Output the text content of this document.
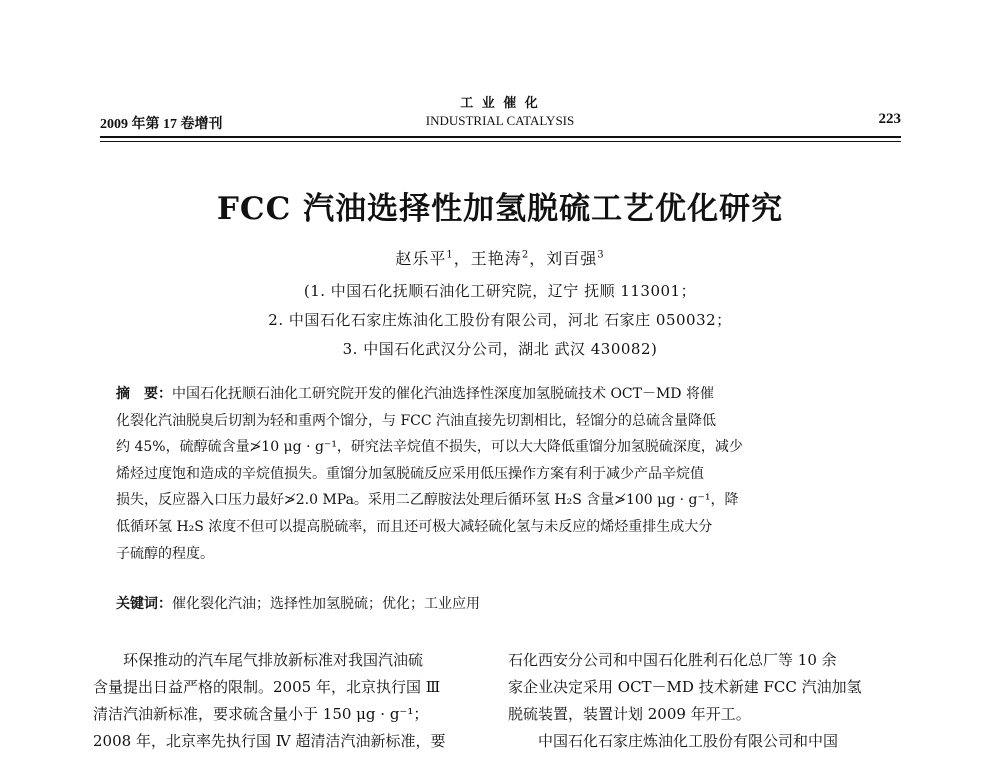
2009 年第 17 卷增刊
工 业 催 化
INDUSTRIAL CATALYSIS	223
FCC 汽油选择性加氢脱硫工艺优化研究
赵乐平$^1$，王艳涛$^2$，刘百强$^3$
(1. 中国石化抚顺石油化工研究院，辽宁 抚顺 113001；
2. 中国石化石家庄炼油化工股份有限公司，河北 石家庄 050032；
3. 中国石化武汉分公司，湖北 武汉 430082)
摘　要：中国石化抚顺石油化工研究院开发的催化汽油选择性深度加氢脱硫技术 OCT－MD 将催
化裂化汽油脱臭后切割为轻和重两个馏分，与 FCC 汽油直接先切割相比，轻馏分的总硫含量降低
约 45%，硫醇硫含量≯10 μg · g⁻¹，研究法辛烷值不损失，可以大大降低重馏分加氢脱硫深度，减少
烯烃过度饱和造成的辛烷值损失。重馏分加氢脱硫反应采用低压操作方案有利于减少产品辛烷值
损失，反应器入口压力最好≯2.0 MPa。采用二乙醇胺法处理后循环氢 H₂S 含量≯100 μg · g⁻¹，降
低循环氢 H₂S 浓度不但可以提高脱硫率，而且还可极大减轻硫化氢与未反应的烯烃重排生成大分
子硫醇的程度。
关键词：催化裂化汽油；选择性加氢脱硫；优化；工业应用
环保推动的汽车尾气排放新标准对我国汽油硫
含量提出日益严格的限制。2005 年，北京执行国 Ⅲ
清洁汽油新标准，要求硫含量小于 150 μg · g⁻¹；
2008 年，北京率先执行国 Ⅳ 超清洁汽油新标准，要
石化西安分公司和中国石化胜利石化总厂等 10 余
家企业决定采用 OCT－MD 技术新建 FCC 汽油加氢
脱硫装置，装置计划 2009 年开工。
中国石化石家庄炼油化工股份有限公司和中国
